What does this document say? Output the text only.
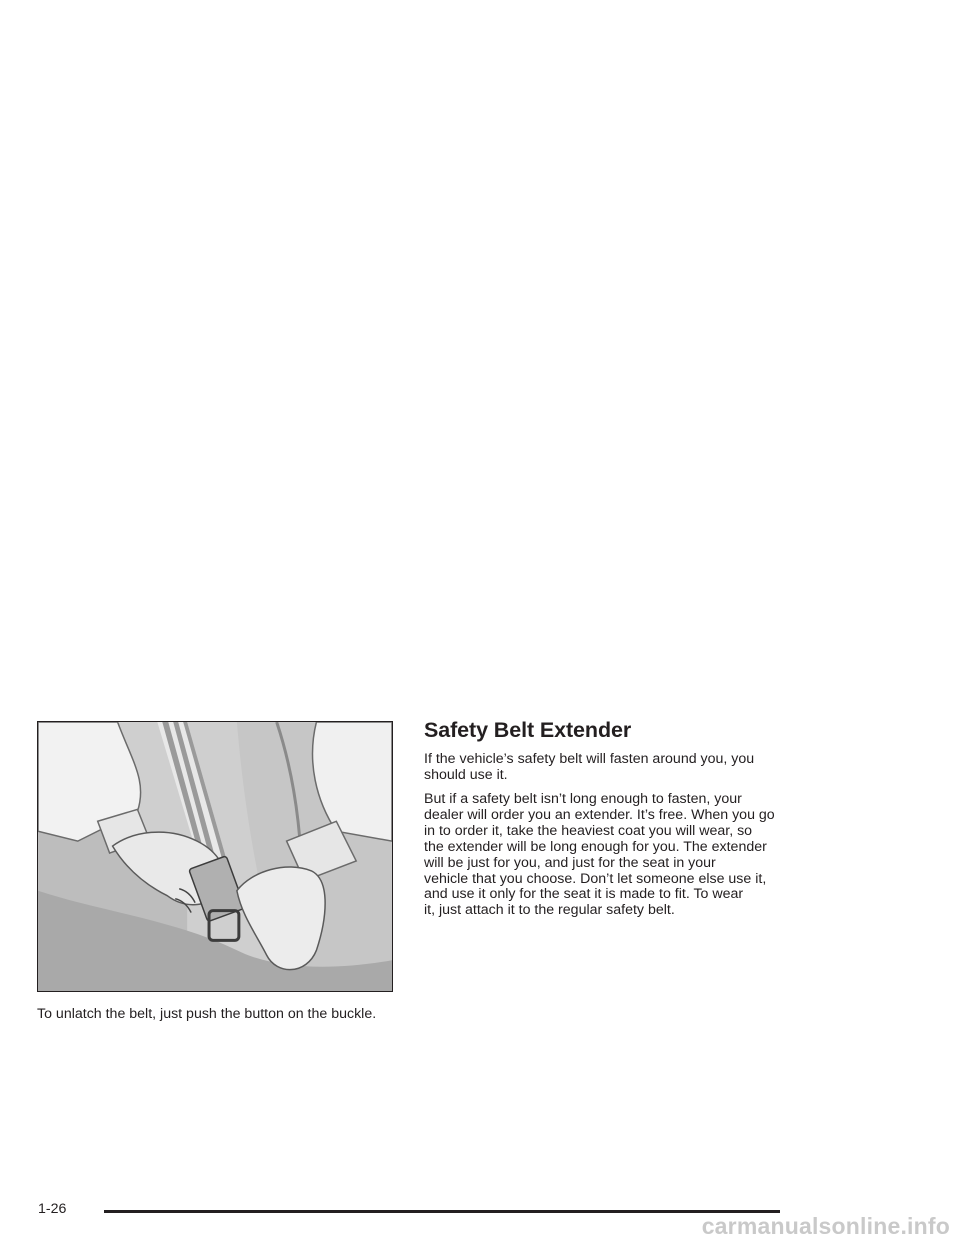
To unlatch the belt, just push the button on the buckle.
Safety Belt Extender

If the vehicle’s safety belt will fasten around you, you
should use it.

But if a safety belt isn’t long enough to fasten, your
dealer will order you an extender. It’s free. When you go
in to order it, take the heaviest coat you will wear, so
the extender will be long enough for you. The extender
will be just for you, and just for the seat in your
vehicle that you choose. Don’t let someone else use it,
and use it only for the seat it is made to fit. To wear
it, just attach it to the regular safety belt.

1-26
carmanualsonline.info
